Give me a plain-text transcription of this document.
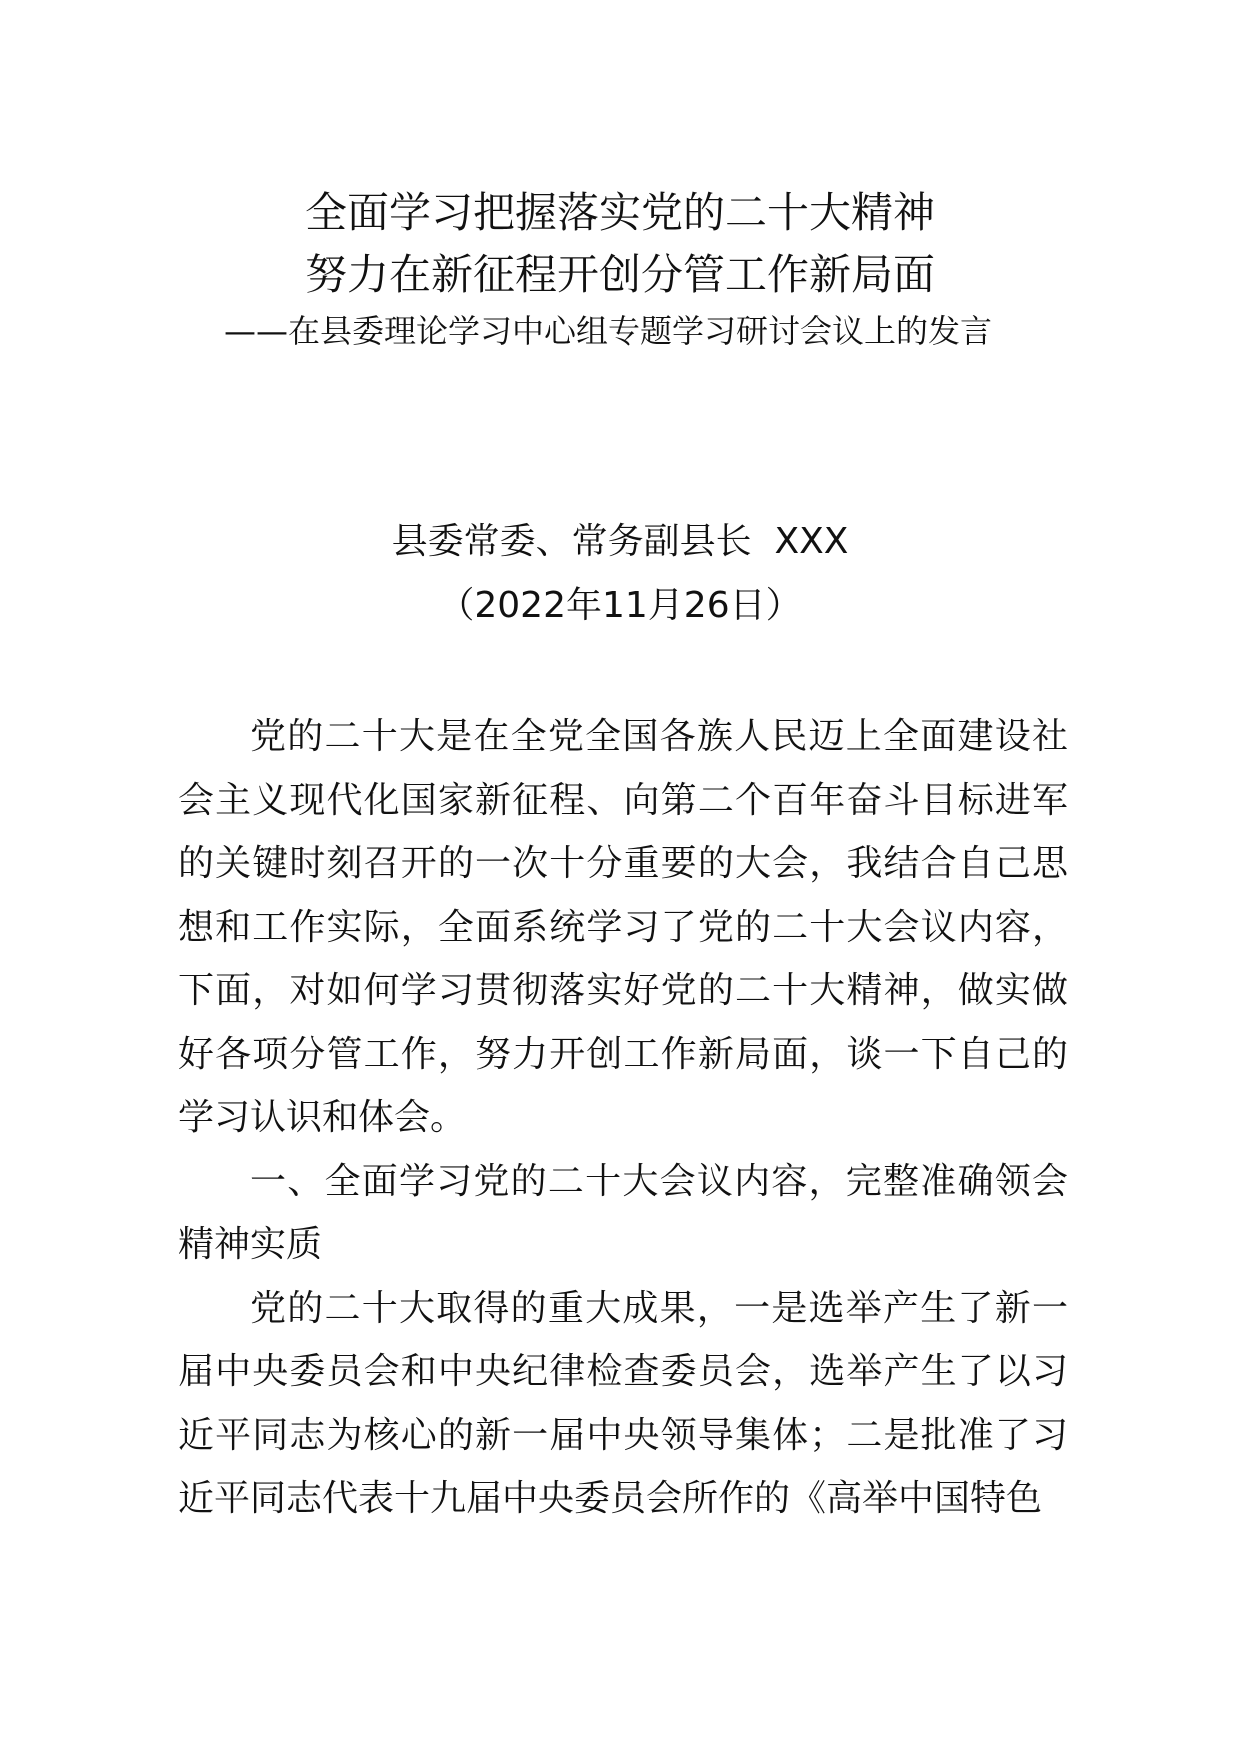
全面学习把握落实党的二十大精神
努力在新征程开创分管工作新局面
——在县委理论学习中心组专题学习研讨会议上的发言
县委常委、常务副县长  XXX
（2022年11月26日）

党的二十大是在全党全国各族人民迈上全面建设社会主义现代化国家新征程、向第二个百年奋斗目标进军的关键时刻召开的一次十分重要的大会，我结合自己思想和工作实际，全面系统学习了党的二十大会议内容，下面，对如何学习贯彻落实好党的二十大精神，做实做好各项分管工作，努力开创工作新局面，谈一下自己的学习认识和体会。

一、全面学习党的二十大会议内容，完整准确领会精神实质

党的二十大取得的重大成果，一是选举产生了新一届中央委员会和中央纪律检查委员会，选举产生了以习近平同志为核心的新一届中央领导集体；二是批准了习近平同志代表十九届中央委员会所作的《高举中国特色
